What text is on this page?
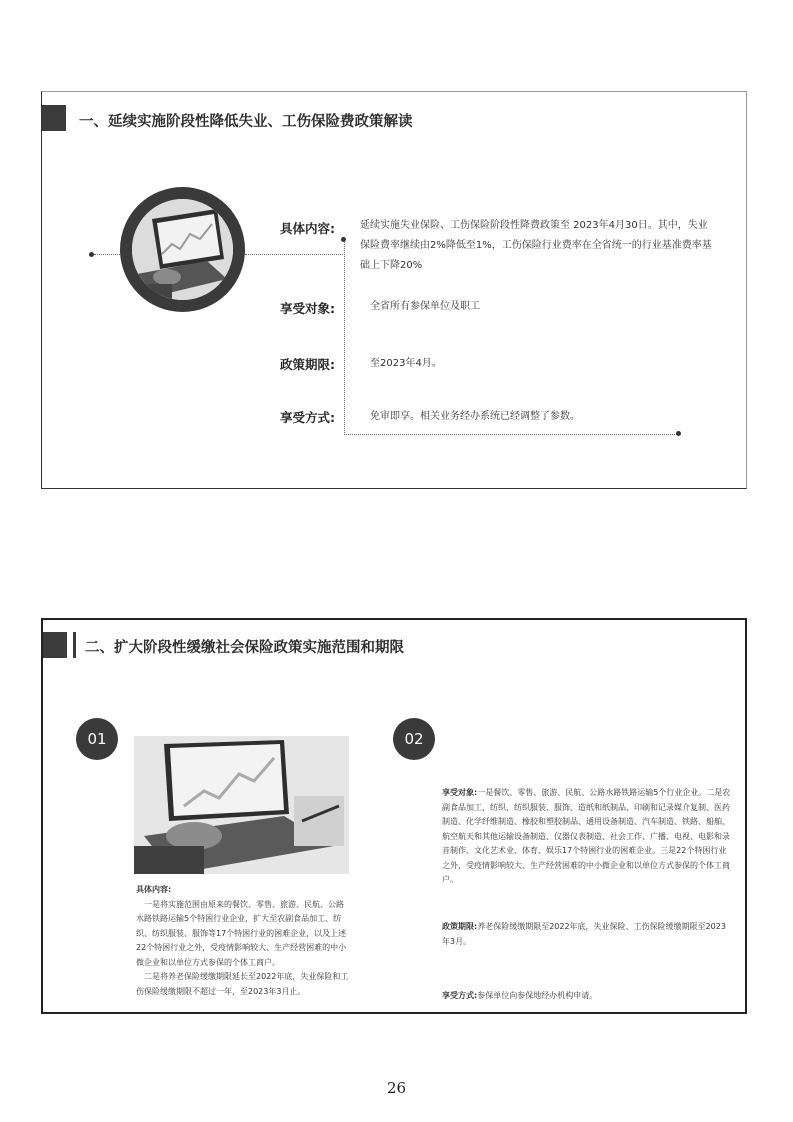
一、延续实施阶段性降低失业、工伤保险费政策解读
具体内容:	延续实施失业保险、工伤保险阶段性降费政策至 2023年4月30日。其中，失业保险费率继续由2%降低至1%，工伤保险行业费率在全省统一的行业基准费率基础上下降20%
享受对象:	全省所有参保单位及职工
政策期限:	至2023年4月。
享受方式:	免审即享。相关业务经办系统已经调整了参数。
二、扩大阶段性缓缴社会保险政策实施范围和期限
01	02
具体内容:
一是将实施范围由原来的餐饮、零售、旅游、民航、公路水路铁路运输5个特困行业企业，扩大至农副食品加工、纺织、纺织服装、服饰等17个特困行业的困难企业，以及上述22个特困行业之外，受疫情影响较大、生产经营困难的中小微企业和以单位方式参保的个体工商户。
二是将养老保险缓缴期限延长至2022年底，失业保险和工伤保险缓缴期限不超过一年，至2023年3月止。
享受对象:一是餐饮、零售、旅游、民航、公路水路铁路运输5个行业企业。二是农副食品加工，纺织、纺织服装、服饰、造纸和纸制品、印刷和记录媒介复制、医药制造、化学纤维制造、橡胶和塑胶制品、通用设备制造、汽车制造、铁路、船舶、航空航天和其他运输设备制造、仪器仪表制造、社会工作、广播、电视、电影和录音制作、文化艺术业、体育、娱乐17个特困行业的困难企业。三是22个特困行业之外，受疫情影响较大、生产经营困难的中小微企业和以单位方式参保的个体工商户。
政策期限:养老保险缓缴期限至2022年底，失业保险、工伤保险缓缴期限至2023年3月。
享受方式:参保单位向参保地经办机构申请。
26
